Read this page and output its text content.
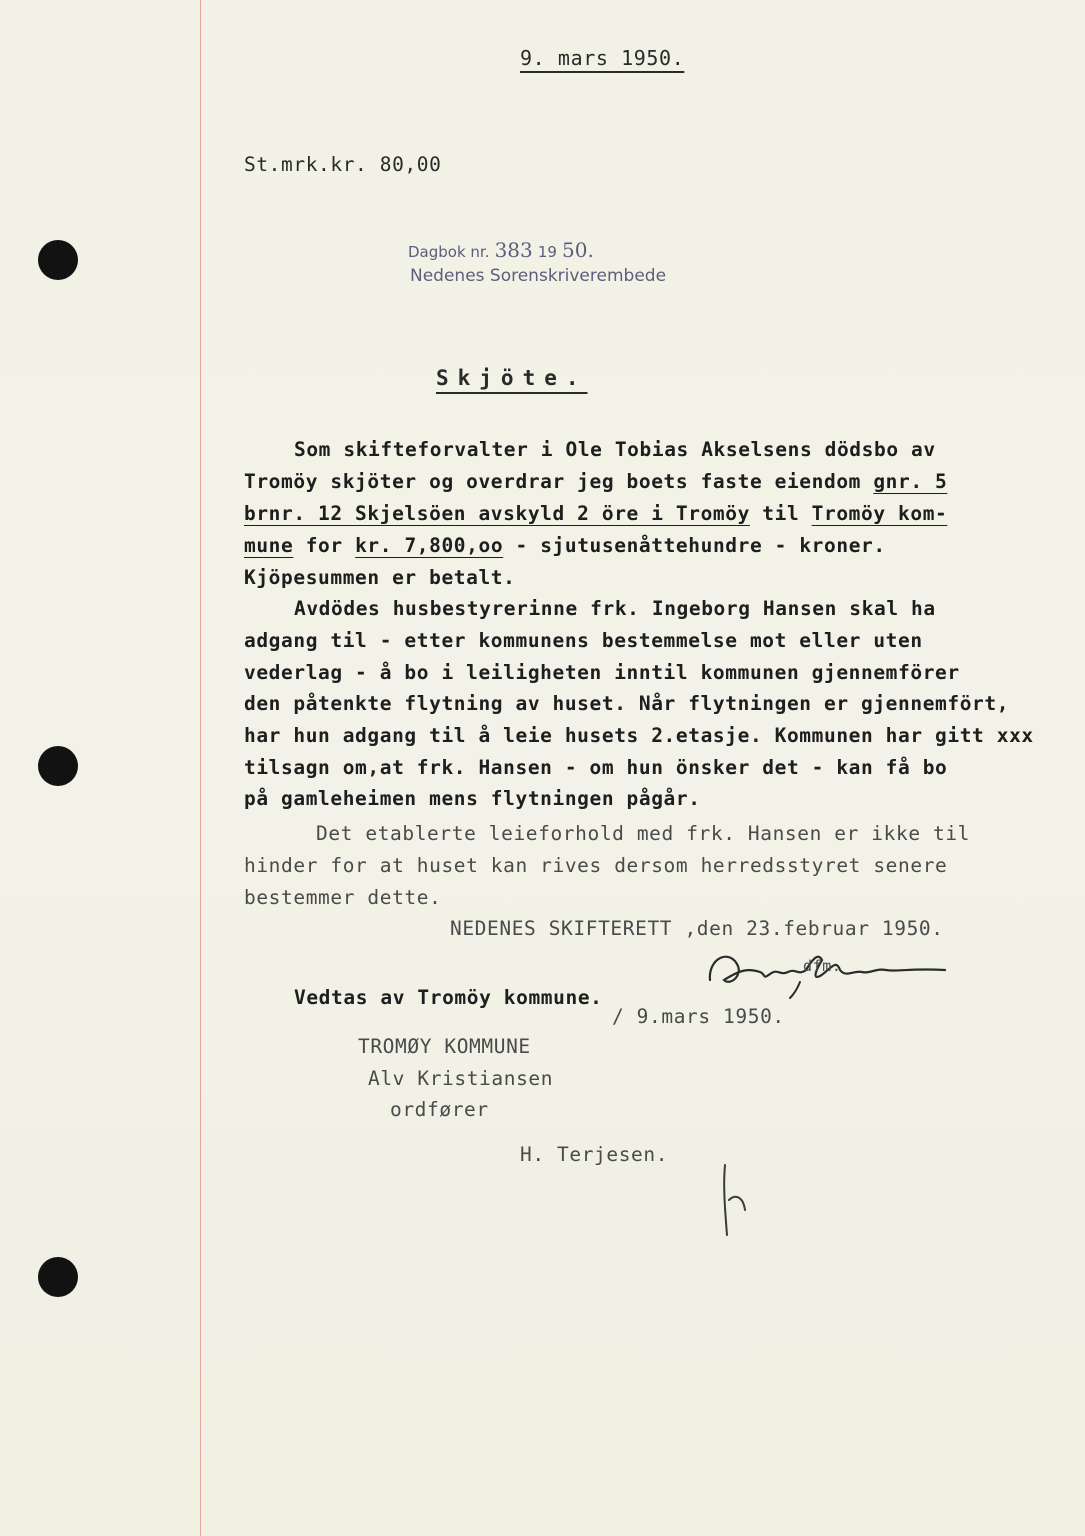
9. mars 1950.
St.mrk.kr. 80,00
Dagbok nr. 383 19 50.
Nedenes Sorenskriverembede
Skjöte.
Som skifteforvalter i Ole Tobias Akselsens dödsbo av
Tromöy skjöter og overdrar jeg boets faste eiendom gnr. 5
brnr. 12 Skjelsöen avskyld 2 öre i Tromöy til Tromöy kom-
mune for kr. 7,800,oo - sjutusenåttehundre - kroner.
Kjöpesummen er betalt.
Avdödes husbestyrerinne frk. Ingeborg Hansen skal ha
adgang til - etter kommunens bestemmelse mot eller uten
vederlag - å bo i leiligheten inntil kommunen gjennemförer
den påtenkte flytning av huset. Når flytningen er gjennemfört,
har hun adgang til å leie husets 2.etasje. Kommunen har gitt xxx
tilsagn om,at frk. Hansen - om hun önsker det - kan få bo
på gamleheimen mens flytningen pågår.
Det etablerte leieforhold med frk. Hansen er ikke til
hinder for at huset kan rives dersom herredsstyret senere
bestemmer dette.
NEDENES SKIFTERETT ,den 23.februar 1950.
dfm.
Vedtas av Tromöy kommune.
/ 9.mars 1950.
TROMØY KOMMUNE
Alv Kristiansen
ordfører
H. Terjesen.
